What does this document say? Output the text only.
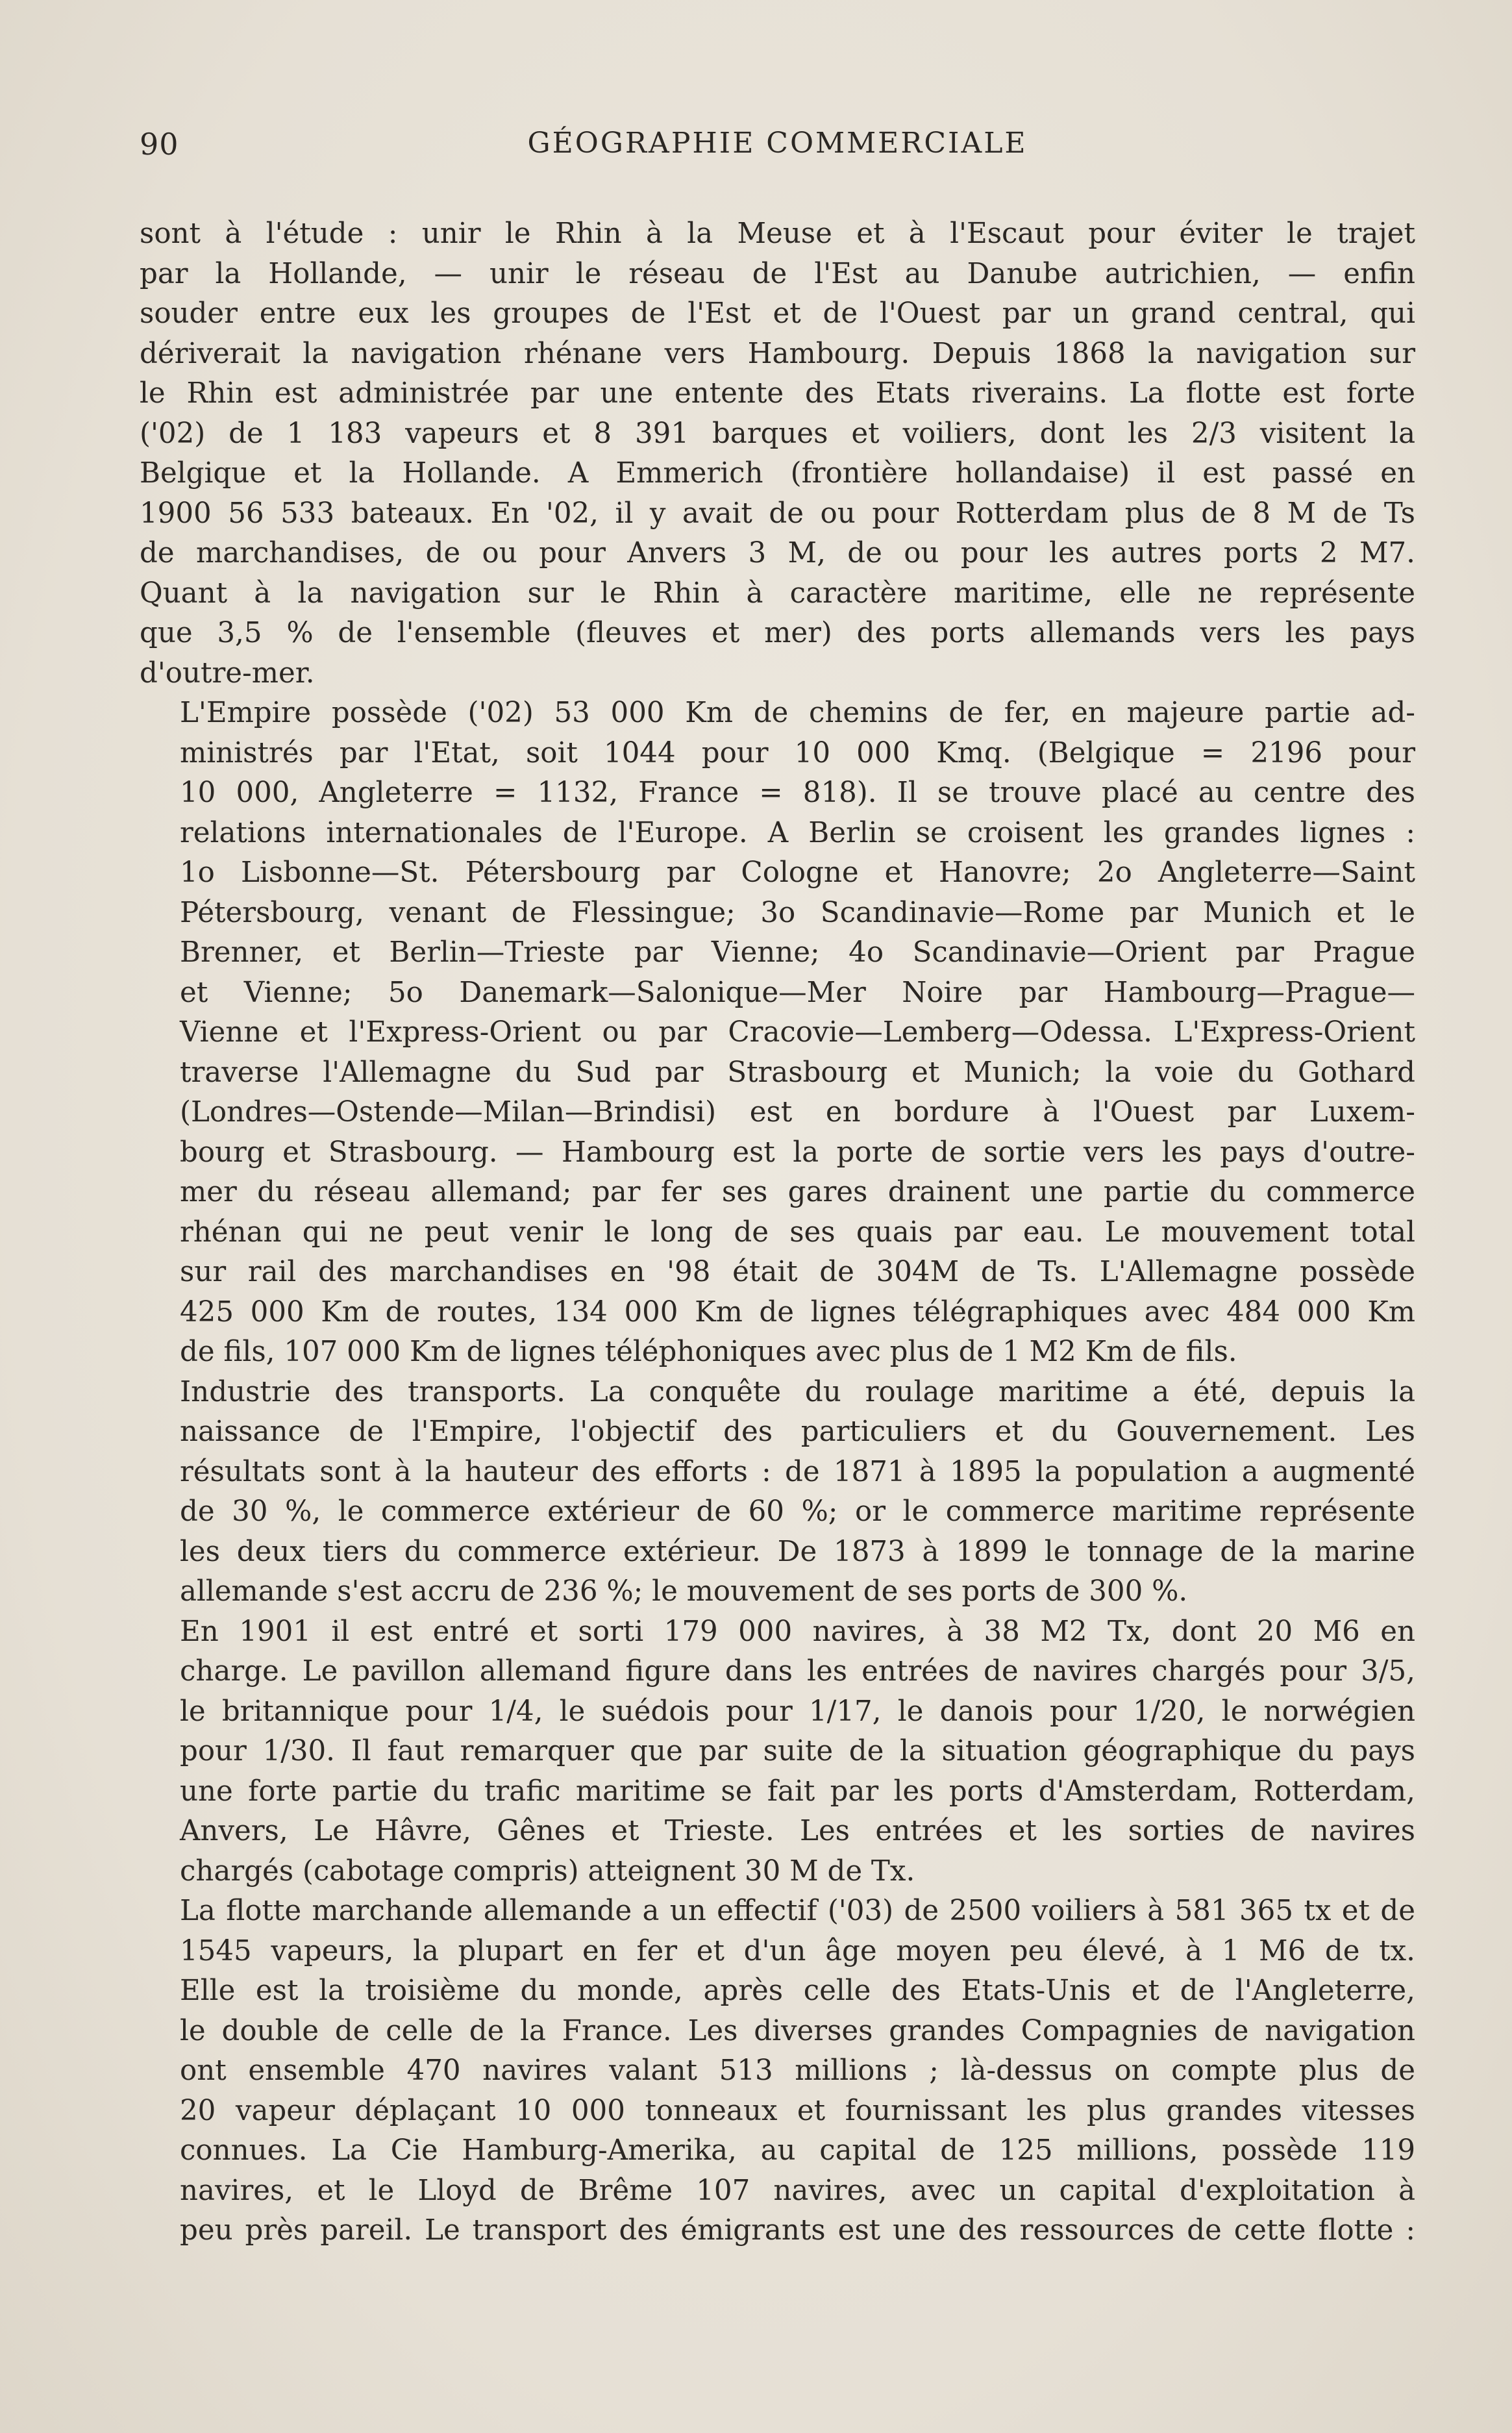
90	GÉOGRAPHIE COMMERCIALE

sont à l'étude : unir le Rhin à la Meuse et à l'Escaut pour éviter le trajet
par la Hollande, — unir le réseau de l'Est au Danube autrichien, — enfin
souder entre eux les groupes de l'Est et de l'Ouest par un grand central, qui
dériverait la navigation rhénane vers Hambourg. Depuis 1868 la navigation sur
le Rhin est administrée par une entente des Etats riverains. La flotte est forte
('02) de 1 183 vapeurs et 8 391 barques et voiliers, dont les 2/3 visitent la
Belgique et la Hollande. A Emmerich (frontière hollandaise) il est passé en
1900 56 533 bateaux. En '02, il y avait de ou pour Rotterdam plus de 8 M de Ts
de marchandises, de ou pour Anvers 3 M, de ou pour les autres ports 2 M7.
Quant à la navigation sur le Rhin à caractère maritime, elle ne représente
que 3,5 % de l'ensemble (fleuves et mer) des ports allemands vers les pays
d'outre-mer.

L'Empire possède ('02) 53 000 Km de chemins de fer, en majeure partie ad-
ministrés par l'Etat, soit 1044 pour 10 000 Kmq. (Belgique = 2196 pour
10 000, Angleterre = 1132, France = 818). Il se trouve placé au centre des
relations internationales de l'Europe. A Berlin se croisent les grandes lignes :
1o Lisbonne—St. Pétersbourg par Cologne et Hanovre; 2o Angleterre—Saint
Pétersbourg, venant de Flessingue; 3o Scandinavie—Rome par Munich et le
Brenner, et Berlin—Trieste par Vienne; 4o Scandinavie—Orient par Prague
et Vienne; 5o Danemark—Salonique—Mer Noire par Hambourg—Prague—
Vienne et l'Express-Orient ou par Cracovie—Lemberg—Odessa. L'Express-Orient
traverse l'Allemagne du Sud par Strasbourg et Munich; la voie du Gothard
(Londres—Ostende—Milan—Brindisi) est en bordure à l'Ouest par Luxem-
bourg et Strasbourg. — Hambourg est la porte de sortie vers les pays d'outre-
mer du réseau allemand; par fer ses gares drainent une partie du commerce
rhénan qui ne peut venir le long de ses quais par eau. Le mouvement total
sur rail des marchandises en '98 était de 304M de Ts. L'Allemagne possède
425 000 Km de routes, 134 000 Km de lignes télégraphiques avec 484 000 Km
de fils, 107 000 Km de lignes téléphoniques avec plus de 1 M2 Km de fils.

Industrie des transports. La conquête du roulage maritime a été, depuis la
naissance de l'Empire, l'objectif des particuliers et du Gouvernement. Les
résultats sont à la hauteur des efforts : de 1871 à 1895 la population a augmenté
de 30 %, le commerce extérieur de 60 %; or le commerce maritime représente
les deux tiers du commerce extérieur. De 1873 à 1899 le tonnage de la marine
allemande s'est accru de 236 %; le mouvement de ses ports de 300 %.

En 1901 il est entré et sorti 179 000 navires, à 38 M2 Tx, dont 20 M6 en
charge. Le pavillon allemand figure dans les entrées de navires chargés pour 3/5,
le britannique pour 1/4, le suédois pour 1/17, le danois pour 1/20, le norwégien
pour 1/30. Il faut remarquer que par suite de la situation géographique du pays
une forte partie du trafic maritime se fait par les ports d'Amsterdam, Rotterdam,
Anvers, Le Hâvre, Gênes et Trieste. Les entrées et les sorties de navires
chargés (cabotage compris) atteignent 30 M de Tx.

La flotte marchande allemande a un effectif ('03) de 2500 voiliers à 581 365 tx et de
1545 vapeurs, la plupart en fer et d'un âge moyen peu élevé, à 1 M6 de tx.
Elle est la troisième du monde, après celle des Etats-Unis et de l'Angleterre,
le double de celle de la France. Les diverses grandes Compagnies de navigation
ont ensemble 470 navires valant 513 millions ; là-dessus on compte plus de
20 vapeur déplaçant 10 000 tonneaux et fournissant les plus grandes vitesses
connues. La Cie Hamburg-Amerika, au capital de 125 millions, possède 119
navires, et le Lloyd de Brême 107 navires, avec un capital d'exploitation à
peu près pareil. Le transport des émigrants est une des ressources de cette flotte :
